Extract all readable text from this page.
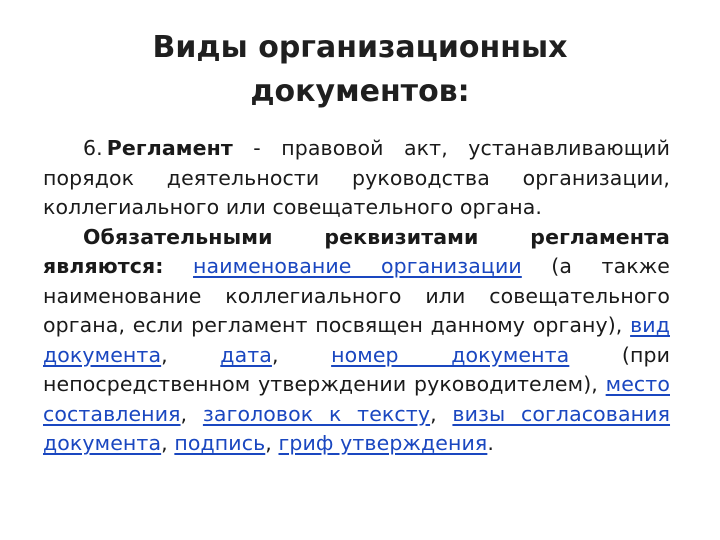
Виды организационных
документов:

6. Регламент - правовой акт, устанавливающий порядок деятельности руководства организации, коллегиального или совещательного органа.

Обязательными реквизитами регламента являются: наименование организации (а также наименование коллегиального или совещательного органа, если регламент посвящен данному органу), вид документа, дата, номер документа (при непосредственном утверждении руководителем), место составления, заголовок к тексту, визы согласования документа, подпись, гриф утверждения.
